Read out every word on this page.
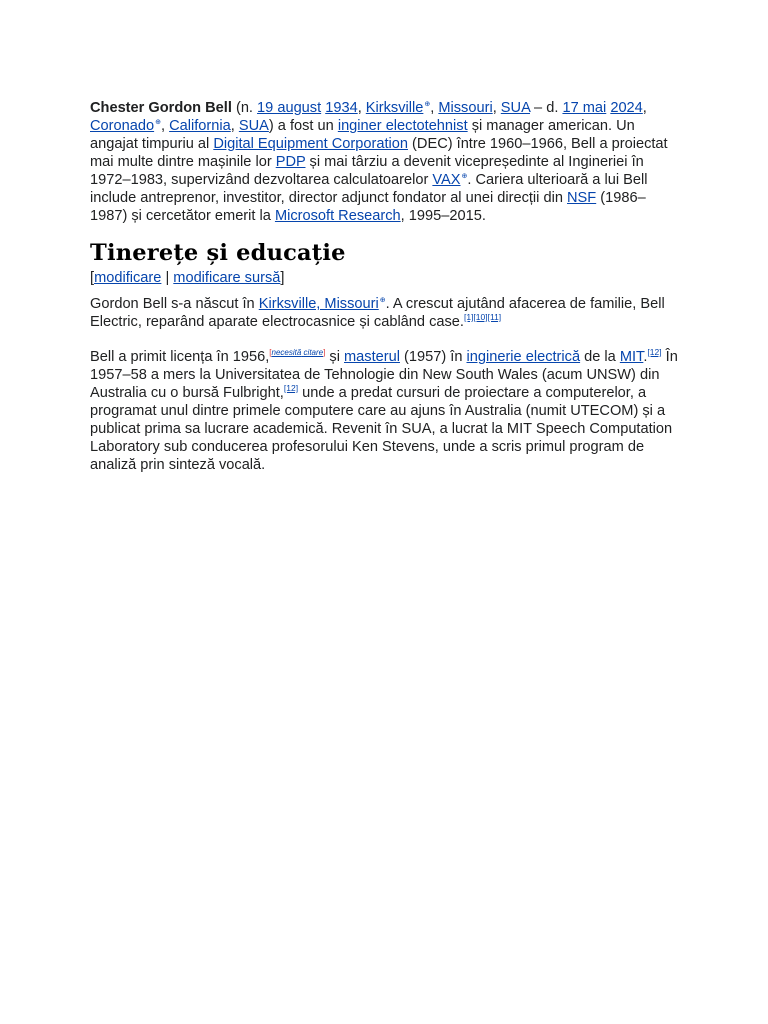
Chester Gordon Bell (n. 19 august 1934, Kirksville⊕, Missouri, SUA – d. 17 mai 2024, Coronado⊕, California, SUA) a fost un inginer electotehnist și manager american. Un angajat timpuriu al Digital Equipment Corporation (DEC) între 1960–1966, Bell a proiectat mai multe dintre mașinile lor PDP și mai târziu a devenit vicepreședinte al Ingineriei în 1972–1983, supervizând dezvoltarea calculatoarelor VAX⊕. Cariera ulterioară a lui Bell include antreprenor, investitor, director adjunct fondator al unei direcții din NSF (1986–1987) și cercetător emerit la Microsoft Research, 1995–2015.

Tinerețe și educație

[modificare | modificare sursă]

Gordon Bell s-a născut în Kirksville, Missouri⊕. A crescut ajutând afacerea de familie, Bell Electric, reparând aparate electrocasnice și cablând case.[1][10][11]

Bell a primit licența în 1956,[necesită citare] și masterul (1957) în inginerie electrică de la MIT.[12] În 1957–58 a mers la Universitatea de Tehnologie din New South Wales (acum UNSW) din Australia cu o bursă Fulbright,[12] unde a predat cursuri de proiectare a computerelor, a programat unul dintre primele computere care au ajuns în Australia (numit UTECOM) și a publicat prima sa lucrare academică. Revenit în SUA, a lucrat la MIT Speech Computation Laboratory sub conducerea profesorului Ken Stevens, unde a scris primul program de analiză prin sinteză vocală.
